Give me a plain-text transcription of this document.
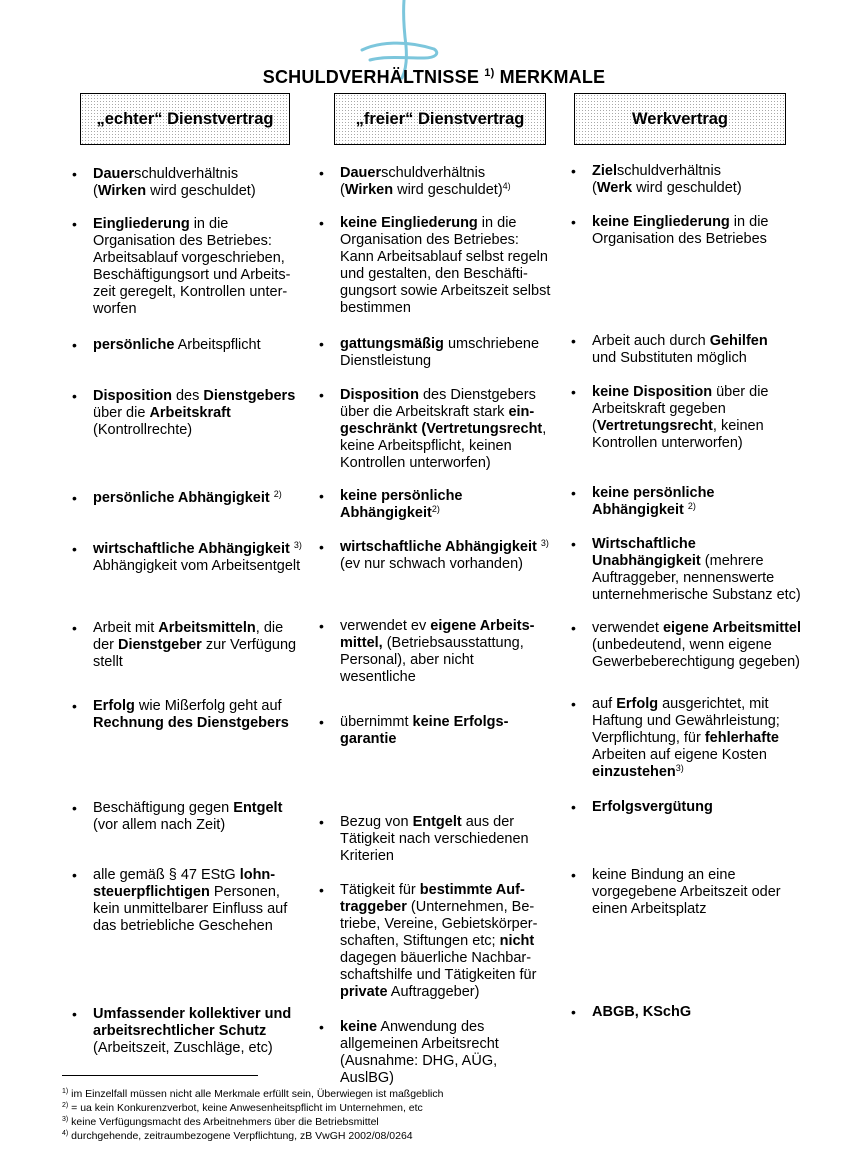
SCHULDVERHÄLTNISSE $^{1)}$ MERKMALE
„echter“ Dienstvertrag	„freier“ Dienstvertrag	Werkvertrag
• Dauerschuldverhältnis
(Wirken wird geschuldet)
• Eingliederung in die
Organisation des Betriebes:
Arbeitsablauf vorgeschrieben,
Beschäftigungsort und Arbeits-
zeit geregelt, Kontrollen unter-
worfen
• persönliche Arbeitspflicht
• Disposition des Dienstgebers
über die Arbeitskraft
(Kontrollrechte)
• persönliche Abhängigkeit $^{2)}$
• wirtschaftliche Abhängigkeit $^{3)}$
Abhängigkeit vom Arbeitsentgelt
• Arbeit mit Arbeitsmitteln, die
der Dienstgeber zur Verfügung
stellt
• Erfolg wie Mißerfolg geht auf
Rechnung des Dienstgebers
• Beschäftigung gegen Entgelt
(vor allem nach Zeit)
• alle gemäß § 47 EStG lohn-
steuerpflichtigen Personen,
kein unmittelbarer Einfluss auf
das betriebliche Geschehen
• Umfassender kollektiver und
arbeitsrechtlicher Schutz
(Arbeitszeit, Zuschläge, etc)
• Dauerschuldverhältnis
(Wirken wird geschuldet)$^{4)}$
• keine Eingliederung in die
Organisation des Betriebes:
Kann Arbeitsablauf selbst regeln
und gestalten, den Beschäfti-
gungsort sowie Arbeitszeit selbst
bestimmen
• gattungsmäßig umschriebene
Dienstleistung
• Disposition des Dienstgebers
über die Arbeitskraft stark ein-
geschränkt (Vertretungsrecht,
keine Arbeitspflicht, keinen
Kontrollen unterworfen)
• keine persönliche
Abhängigkeit$^{2)}$
• wirtschaftliche Abhängigkeit $^{3)}$
(ev nur schwach vorhanden)
• verwendet ev eigene Arbeits-
mittel, (Betriebsausstattung,
Personal), aber nicht
wesentliche
• übernimmt keine Erfolgs-
garantie
• Bezug von Entgelt aus der
Tätigkeit nach verschiedenen
Kriterien
• Tätigkeit für bestimmte Auf-
traggeber (Unternehmen, Be-
triebe, Vereine, Gebietskörper-
schaften, Stiftungen etc; nicht
dagegen bäuerliche Nachbar-
schaftshilfe und Tätigkeiten für
private Auftraggeber)
• keine Anwendung des
allgemeinen Arbeitsrecht
(Ausnahme: DHG, AÜG,
AuslBG)
• Zielschuldverhältnis
(Werk wird geschuldet)
• keine Eingliederung in die
Organisation des Betriebes
• Arbeit auch durch Gehilfen
und Substituten möglich
• keine Disposition über die
Arbeitskraft gegeben
(Vertretungsrecht, keinen
Kontrollen unterworfen)
• keine persönliche
Abhängigkeit $^{2)}$
• Wirtschaftliche
Unabhängigkeit (mehrere
Auftraggeber, nennenswerte
unternehmerische Substanz etc)
• verwendet eigene Arbeitsmittel
(unbedeutend, wenn eigene
Gewerbeberechtigung gegeben)
• auf Erfolg ausgerichtet, mit
Haftung und Gewährleistung;
Verpflichtung, für fehlerhafte
Arbeiten auf eigene Kosten
einzustehen$^{3)}$
• Erfolgsvergütung
• keine Bindung an eine
vorgegebene Arbeitszeit oder
einen Arbeitsplatz
• ABGB, KSchG
$^{1)}$ im Einzelfall müssen nicht alle Merkmale erfüllt sein, Überwiegen ist maßgeblich
$^{2)}$ = ua kein Konkurenzverbot, keine Anwesenheitspflicht im Unternehmen, etc
$^{3)}$ keine Verfügungsmacht des Arbeitnehmers über die Betriebsmittel
$^{4)}$ durchgehende, zeitraumbezogene Verpflichtung, zB VwGH 2002/08/0264
